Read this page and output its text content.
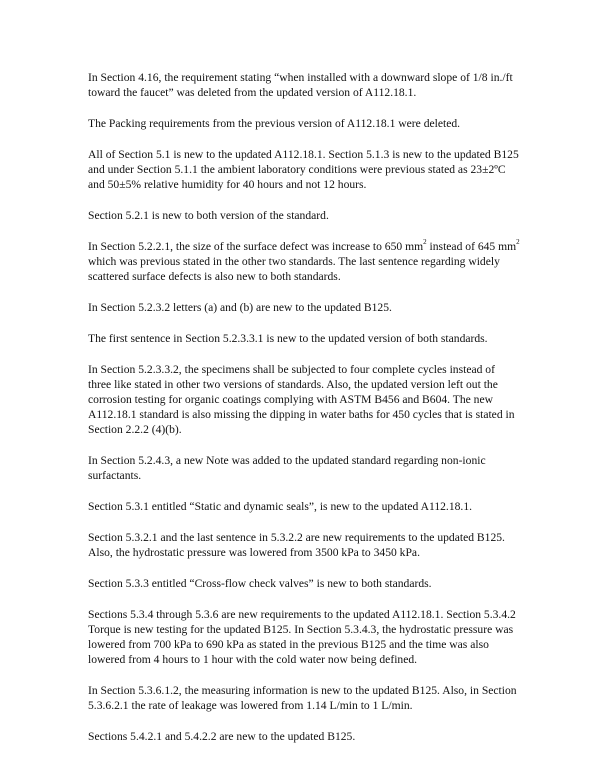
In Section 4.16, the requirement stating “when installed with a downward slope of 1/8 in./ft toward the faucet” was deleted from the updated version of A112.18.1.

The Packing requirements from the previous version of A112.18.1 were deleted.

All of Section 5.1 is new to the updated A112.18.1. Section 5.1.3 is new to the updated B125 and under Section 5.1.1 the ambient laboratory conditions were previous stated as 23±2ºC and 50±5% relative humidity for 40 hours and not 12 hours.

Section 5.2.1 is new to both version of the standard.

In Section 5.2.2.1, the size of the surface defect was increase to 650 $mm^2$ instead of 645 $mm^2$ which was previous stated in the other two standards. The last sentence regarding widely scattered surface defects is also new to both standards.

In Section 5.2.3.2 letters (a) and (b) are new to the updated B125.

The first sentence in Section 5.2.3.3.1 is new to the updated version of both standards.

In Section 5.2.3.3.2, the specimens shall be subjected to four complete cycles instead of three like stated in other two versions of standards. Also, the updated version left out the corrosion testing for organic coatings complying with ASTM B456 and B604. The new A112.18.1 standard is also missing the dipping in water baths for 450 cycles that is stated in Section 2.2.2 (4)(b).

In Section 5.2.4.3, a new Note was added to the updated standard regarding non-ionic surfactants.

Section 5.3.1 entitled “Static and dynamic seals”, is new to the updated A112.18.1.

Section 5.3.2.1 and the last sentence in 5.3.2.2 are new requirements to the updated B125. Also, the hydrostatic pressure was lowered from 3500 kPa to 3450 kPa.

Section 5.3.3 entitled “Cross-flow check valves” is new to both standards.

Sections 5.3.4 through 5.3.6 are new requirements to the updated A112.18.1. Section 5.3.4.2 Torque is new testing for the updated B125. In Section 5.3.4.3, the hydrostatic pressure was lowered from 700 kPa to 690 kPa as stated in the previous B125 and the time was also lowered from 4 hours to 1 hour with the cold water now being defined.

In Section 5.3.6.1.2, the measuring information is new to the updated B125. Also, in Section 5.3.6.2.1 the rate of leakage was lowered from 1.14 L/min to 1 L/min.

Sections 5.4.2.1 and 5.4.2.2 are new to the updated B125.
